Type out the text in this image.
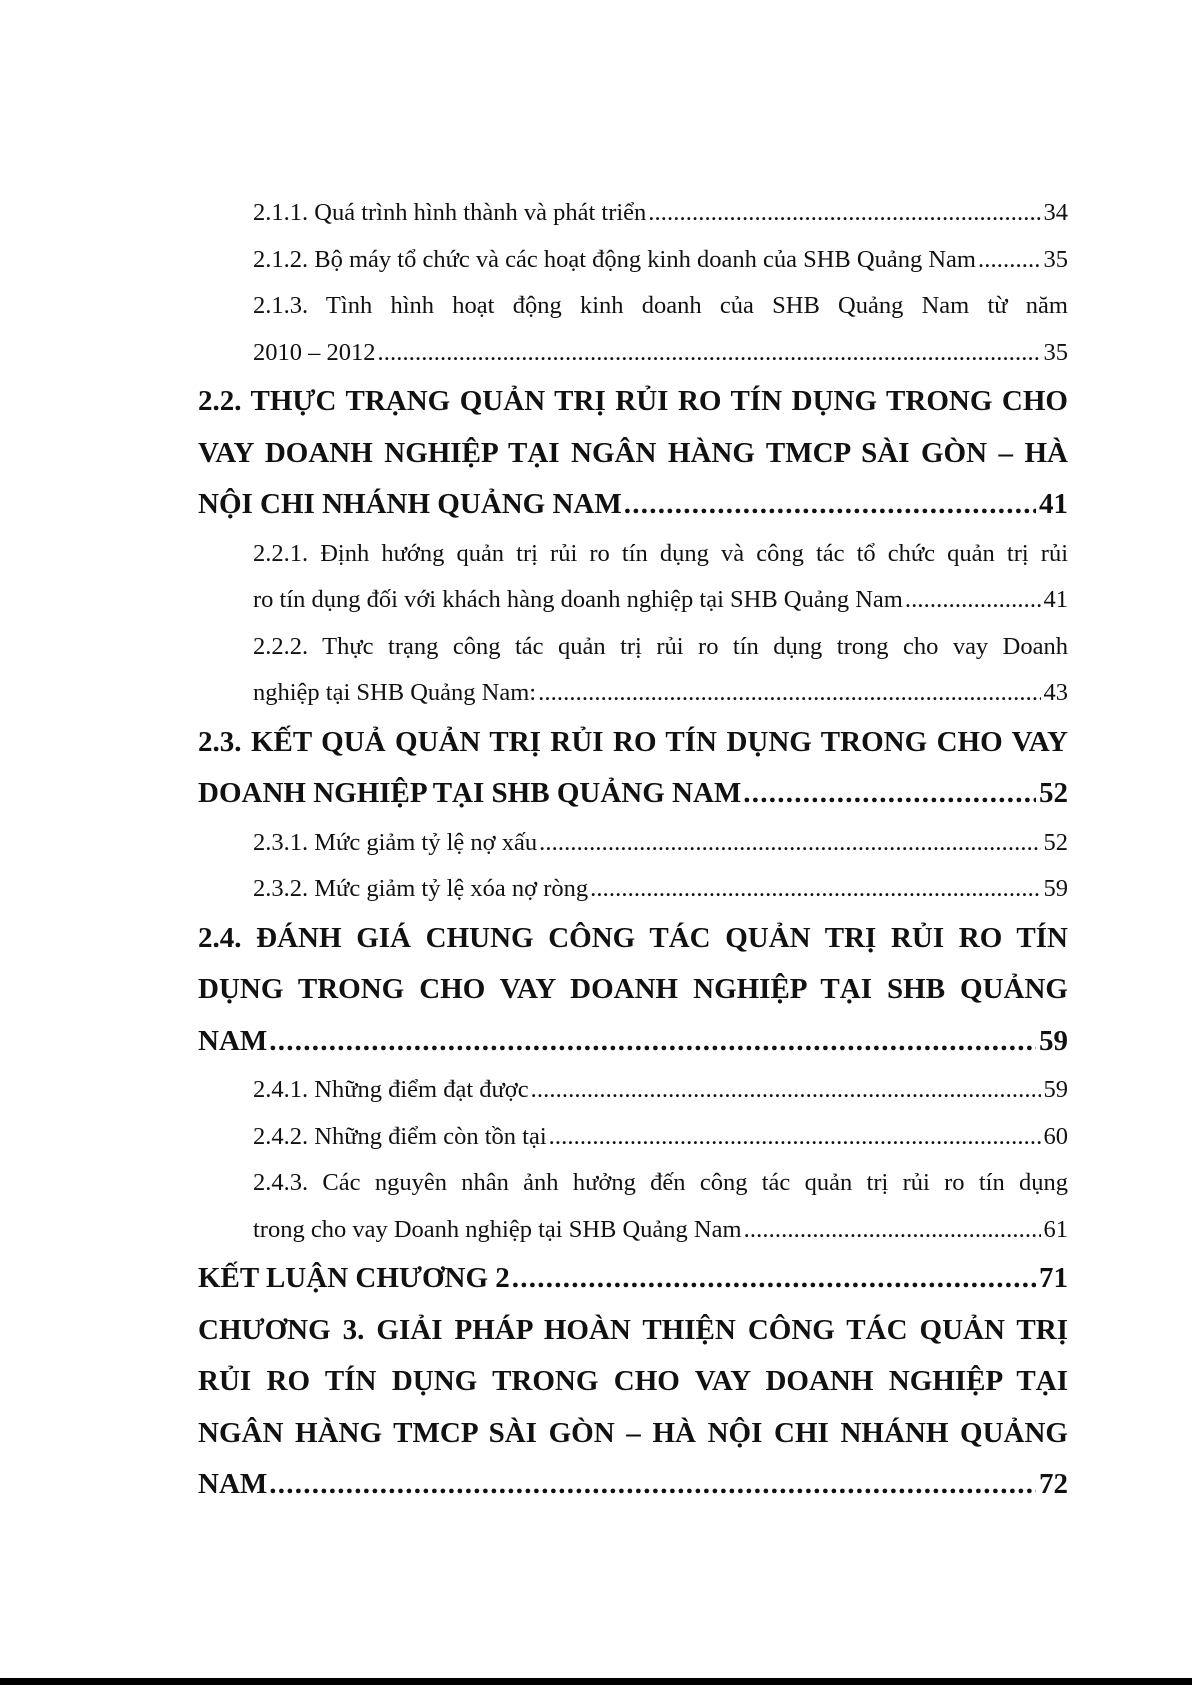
2.1.1. Quá trình hình thành và phát triển . . .	34
2.1.2. Bộ máy tổ chức và các hoạt động kinh doanh của SHB Quảng Nam . . .	35
2.1.3. Tình hình hoạt động kinh doanh của SHB Quảng Nam từ năm
2010 – 2012 . . .	35
2.2. THỰC TRẠNG QUẢN TRỊ RỦI RO TÍN DỤNG TRONG CHO VAY DOANH NGHIỆP TẠI NGÂN HÀNG TMCP SÀI GÒN – HÀ
NỘI CHI NHÁNH QUẢNG NAM . . .	41
2.2.1. Định hướng quản trị rủi ro tín dụng và công tác tổ chức quản trị rủi
ro tín dụng đối với khách hàng doanh nghiệp tại SHB Quảng Nam . . .	41
2.2.2. Thực trạng công tác quản trị rủi ro tín dụng trong cho vay Doanh
nghiệp tại SHB Quảng Nam: . . .	43
2.3. KẾT QUẢ QUẢN TRỊ RỦI RO TÍN DỤNG TRONG CHO VAY
DOANH NGHIỆP TẠI SHB QUẢNG NAM . . .	52
2.3.1. Mức giảm tỷ lệ nợ xấu . . .	52
2.3.2. Mức giảm tỷ lệ xóa nợ ròng . . .	59
2.4. ĐÁNH GIÁ CHUNG CÔNG TÁC QUẢN TRỊ RỦI RO TÍN DỤNG TRONG CHO VAY DOANH NGHIỆP TẠI SHB QUẢNG
NAM . . .	59
2.4.1. Những điểm đạt được . . .	59
2.4.2. Những điểm còn tồn tại . . .	60
2.4.3. Các nguyên nhân ảnh hưởng đến công tác quản trị rủi ro tín dụng
trong cho vay Doanh nghiệp tại SHB Quảng Nam . . .	61
KẾT LUẬN CHƯƠNG 2 . . .	71
CHƯƠNG 3. GIẢI PHÁP HOÀN THIỆN CÔNG TÁC QUẢN TRỊ RỦI RO TÍN DỤNG TRONG CHO VAY DOANH NGHIỆP TẠI NGÂN HÀNG TMCP SÀI GÒN – HÀ NỘI CHI NHÁNH QUẢNG
NAM . . .	72
